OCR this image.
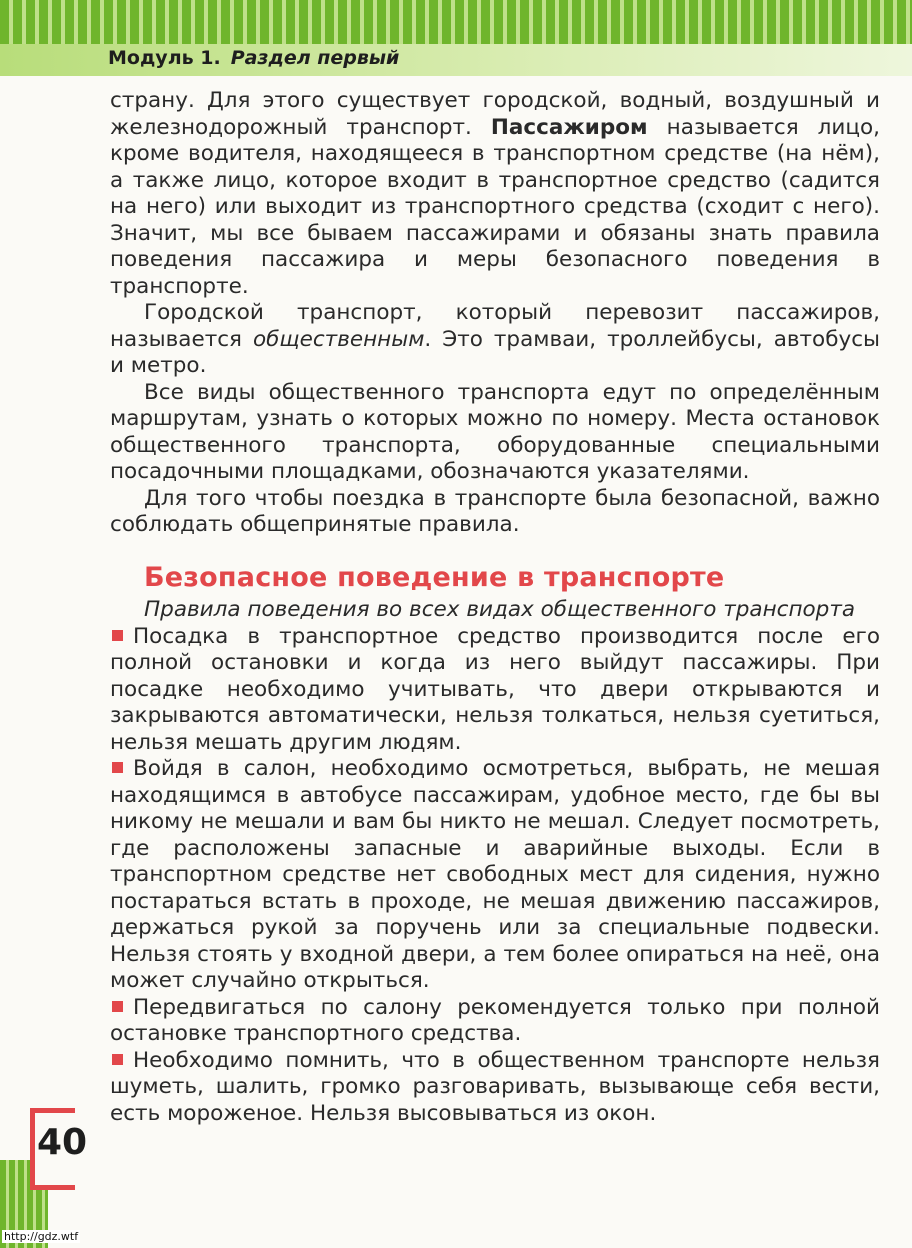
Модуль 1. Раздел первый

страну. Для этого существует городской, водный, воздушный и железнодорожный транспорт. Пассажиром называется лицо, кроме водителя, находящееся в транспортном средстве (на нём), а также лицо, которое входит в транспортное средство (садится на него) или выходит из транспортного средства (сходит с него). Значит, мы все бываем пассажирами и обязаны знать правила поведения пассажира и меры безопасного поведения в транспорте.

Городской транспорт, который перевозит пассажиров, называется общественным. Это трамваи, троллейбусы, автобусы и метро.

Все виды общественного транспорта едут по определённым маршрутам, узнать о которых можно по номеру. Места остановок общественного транспорта, оборудованные специальными посадочными площадками, обозначаются указателями.

Для того чтобы поездка в транспорте была безопасной, важно соблюдать общепринятые правила.

Безопасное поведение в транспорте

Правила поведения во всех видах общественного транспорта

Посадка в транспортное средство производится после его полной остановки и когда из него выйдут пассажиры. При посадке необходимо учитывать, что двери открываются и закрываются автоматически, нельзя толкаться, нельзя суетиться, нельзя мешать другим людям.

Войдя в салон, необходимо осмотреться, выбрать, не мешая находящимся в автобусе пассажирам, удобное место, где бы вы никому не мешали и вам бы никто не мешал. Следует посмотреть, где расположены запасные и аварийные выходы. Если в транспортном средстве нет свободных мест для сидения, нужно постараться встать в проходе, не мешая движению пассажиров, держаться рукой за поручень или за специальные подвески. Нельзя стоять у входной двери, а тем более опираться на неё, она может случайно открыться.

Передвигаться по салону рекомендуется только при полной остановке транспортного средства.

Необходимо помнить, что в общественном транспорте нельзя шуметь, шалить, громко разговаривать, вызывающе себя вести, есть мороженое. Нельзя высовываться из окон.

40
http://gdz.wtf
